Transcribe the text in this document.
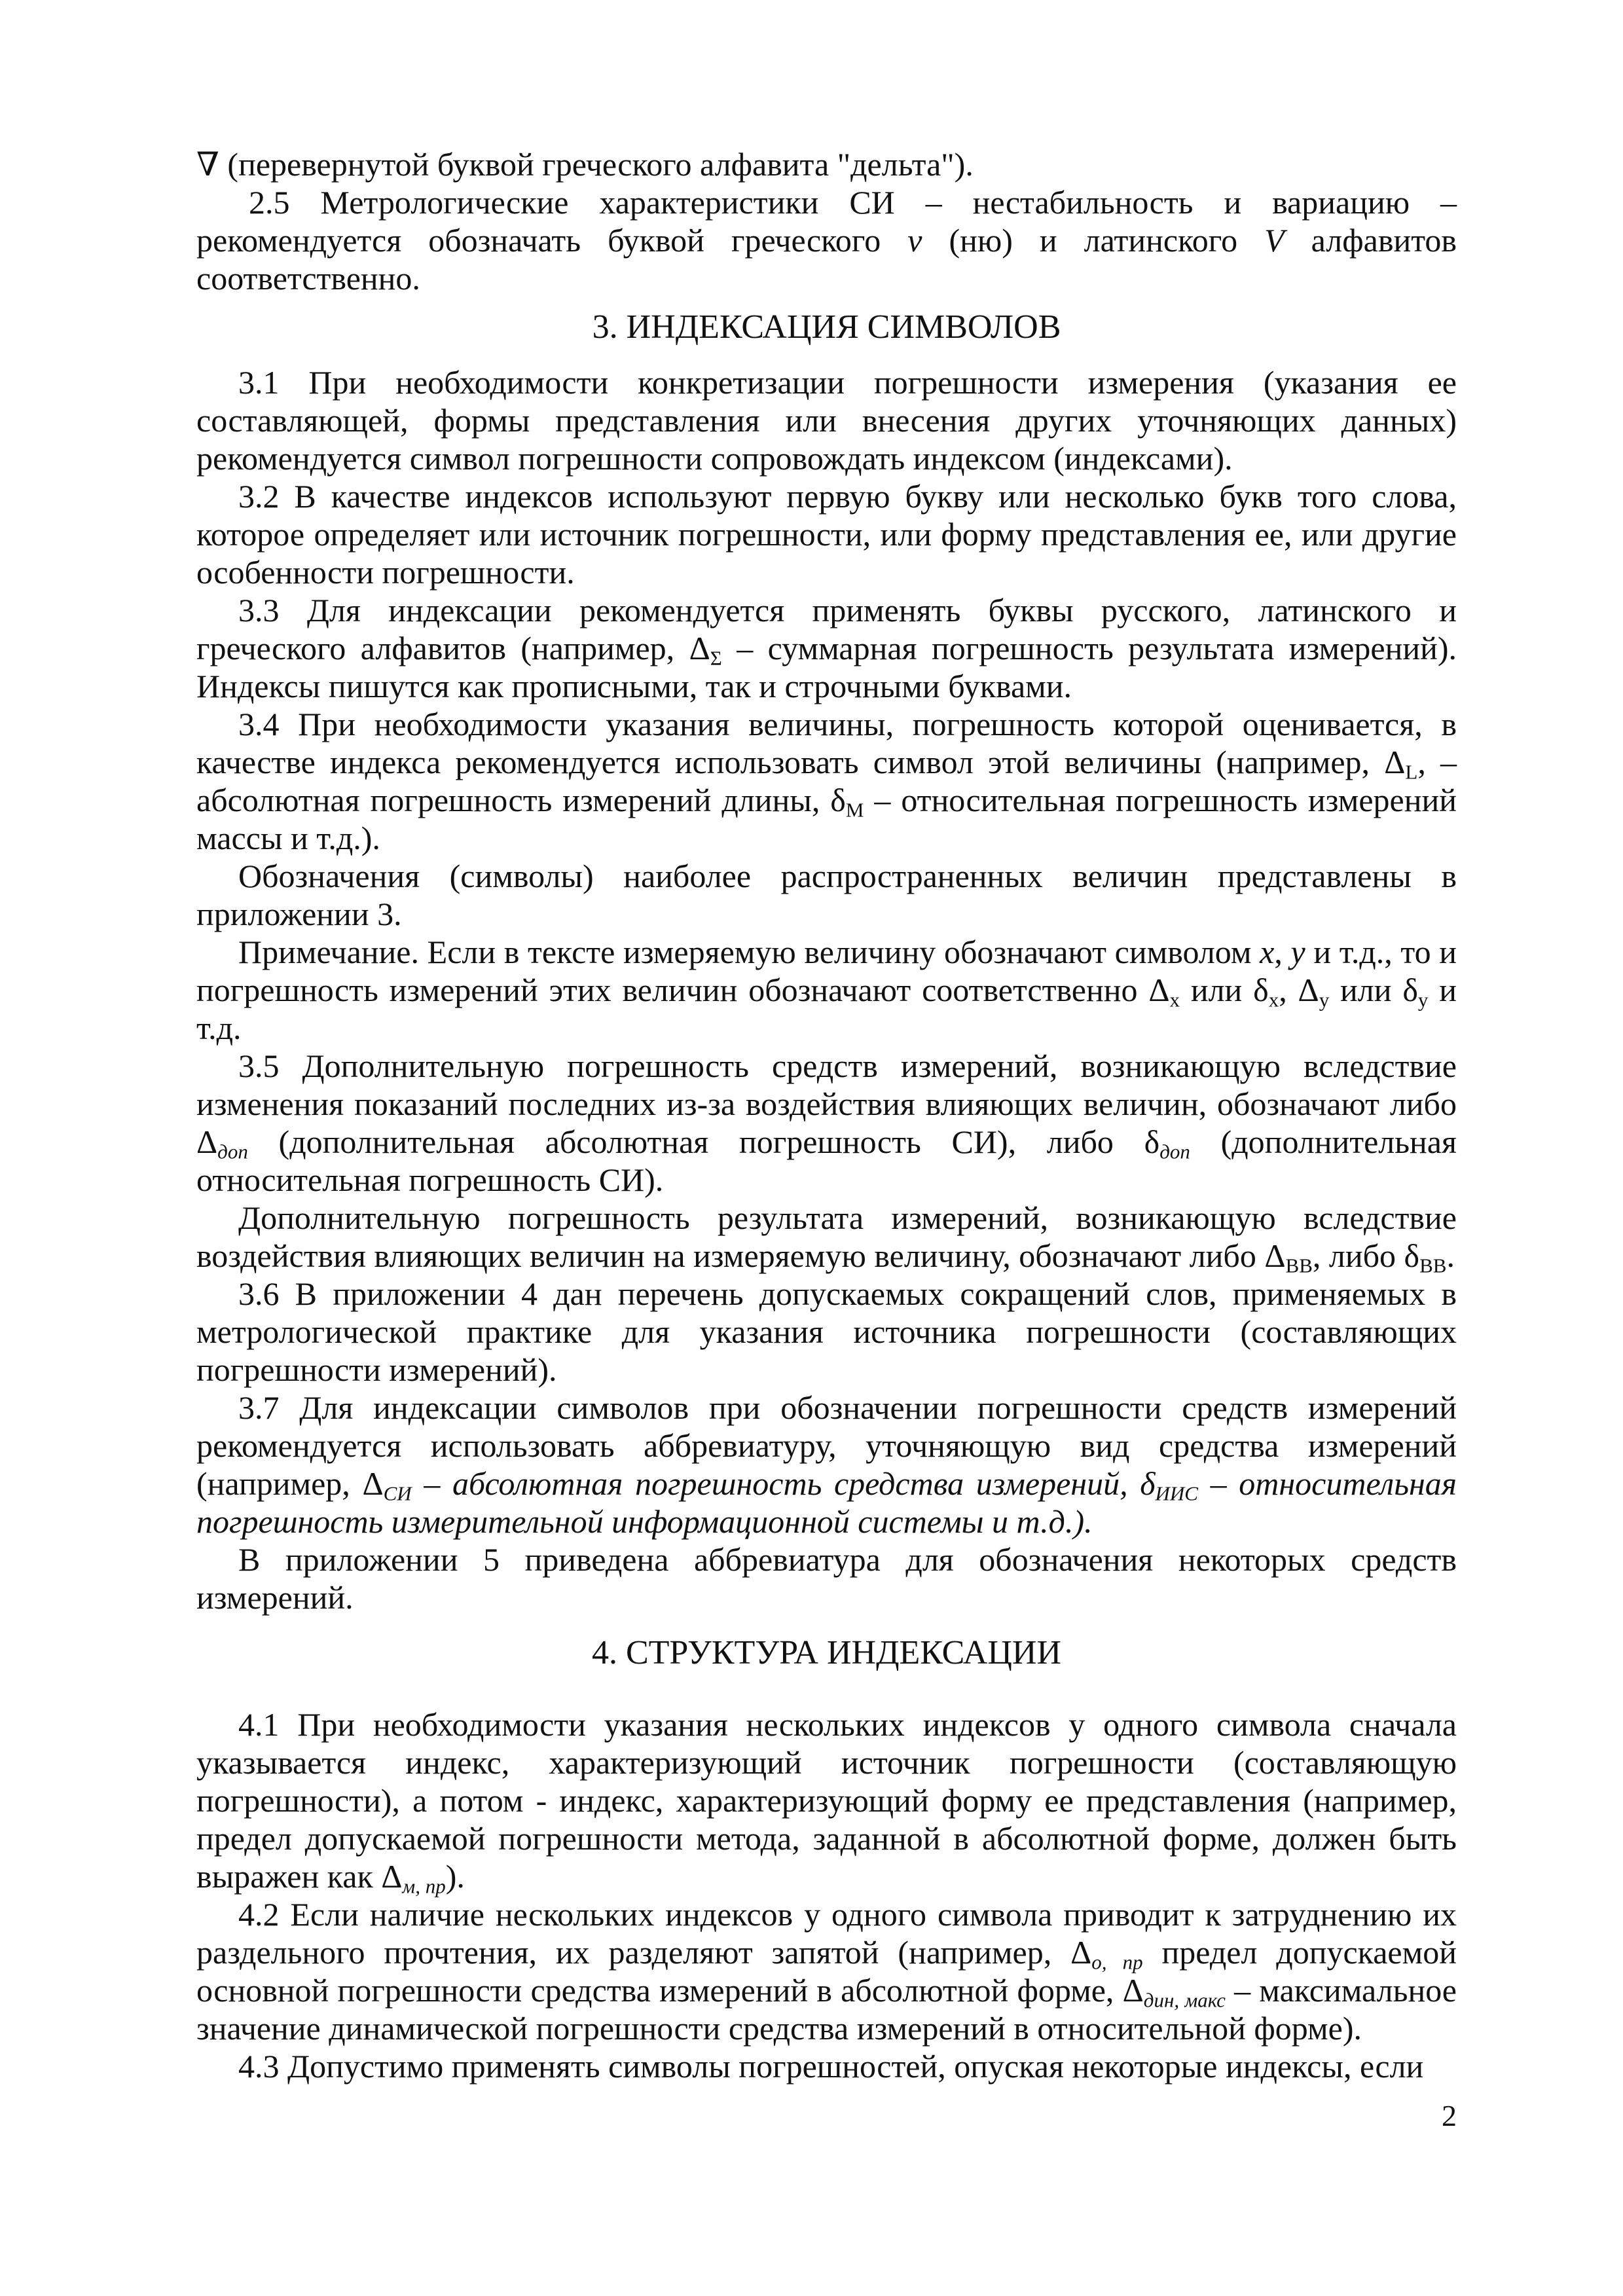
∇ (перевернутой буквой греческого алфавита "дельта").

2.5 Метрологические характеристики СИ – нестабильность и вариацию – рекомендуется обозначать буквой греческого ν (ню) и латинского V алфавитов соответственно.

3. ИНДЕКСАЦИЯ СИМВОЛОВ

3.1 При необходимости конкретизации погрешности измерения (указания ее составляющей, формы представления или внесения других уточняющих данных) рекомендуется символ погрешности сопровождать индексом (индексами).

3.2 В качестве индексов используют первую букву или несколько букв того слова, которое определяет или источник погрешности, или форму представления ее, или другие особенности погрешности.

3.3 Для индексации рекомендуется применять буквы русского, латинского и греческого алфавитов (например, $\Delta_\Sigma$ – суммарная погрешность результата измерений). Индексы пишутся как прописными, так и строчными буквами.

3.4 При необходимости указания величины, погрешность которой оценивается, в качестве индекса рекомендуется использовать символ этой величины (например, $\Delta_L$, – абсолютная погрешность измерений длины, $\delta_M$ – относительная погрешность измерений массы и т.д.).

Обозначения (символы) наиболее распространенных величин представлены в приложении 3.

Примечание. Если в тексте измеряемую величину обозначают символом x, y и т.д., то и погрешность измерений этих величин обозначают соответственно $\Delta_x$ или $\delta_x$, $\Delta_y$ или $\delta_y$ и т.д.

3.5 Дополнительную погрешность средств измерений, возникающую вследствие изменения показаний последних из-за воздействия влияющих величин, обозначают либо $\Delta_{доп}$ (дополнительная абсолютная погрешность СИ), либо $\delta_{доп}$ (дополнительная относительная погрешность СИ).

Дополнительную погрешность результата измерений, возникающую вследствие воздействия влияющих величин на измеряемую величину, обозначают либо $\Delta_{ВВ}$, либо $\delta_{ВВ}$.

3.6 В приложении 4 дан перечень допускаемых сокращений слов, применяемых в метрологической практике для указания источника погрешности (составляющих погрешности измерений).

3.7 Для индексации символов при обозначении погрешности средств измерений рекомендуется использовать аббревиатуру, уточняющую вид средства измерений (например, $\Delta_{СИ}$ – абсолютная погрешность средства измерений, $\delta_{ИИС}$ – относительная погрешность измерительной информационной системы и т.д.).

В приложении 5 приведена аббревиатура для обозначения некоторых средств измерений.

4. СТРУКТУРА ИНДЕКСАЦИИ

4.1 При необходимости указания нескольких индексов у одного символа сначала указывается индекс, характеризующий источник погрешности (составляющую погрешности), а потом - индекс, характеризующий форму ее представления (например, предел допускаемой погрешности метода, заданной в абсолютной форме, должен быть выражен как $\Delta_{м, пр}$).

4.2 Если наличие нескольких индексов у одного символа приводит к затруднению их раздельного прочтения, их разделяют запятой (например, $\Delta_{о, пр}$ предел допускаемой основной погрешности средства измерений в абсолютной форме, $\Delta_{дин, макс}$ – максимальное значение динамической погрешности средства измерений в относительной форме).

4.3 Допустимо применять символы погрешностей, опуская некоторые индексы, если

2
